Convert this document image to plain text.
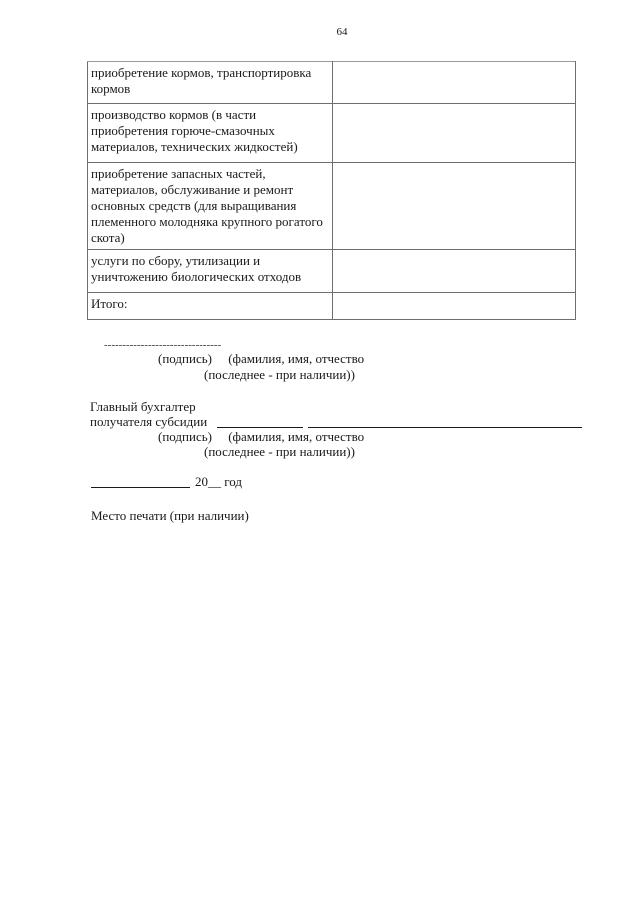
64
приобретение кормов, транспортировка кормов	
производство кормов (в части приобретения горюче-смазочных материалов, технических жидкостей)	
приобретение запасных частей, материалов, обслуживание и ремонт основных средств (для выращивания племенного молодняка крупного рогатого скота)	
услуги по сбору, утилизации и уничтожению биологических отходов	
Итого:	
--------------------------------
(подпись)     (фамилия, имя, отчество
(последнее - при наличии))
Главный бухгалтер
получателя субсидии
(подпись)     (фамилия, имя, отчество
(последнее - при наличии))
20__ год
Место печати (при наличии)
